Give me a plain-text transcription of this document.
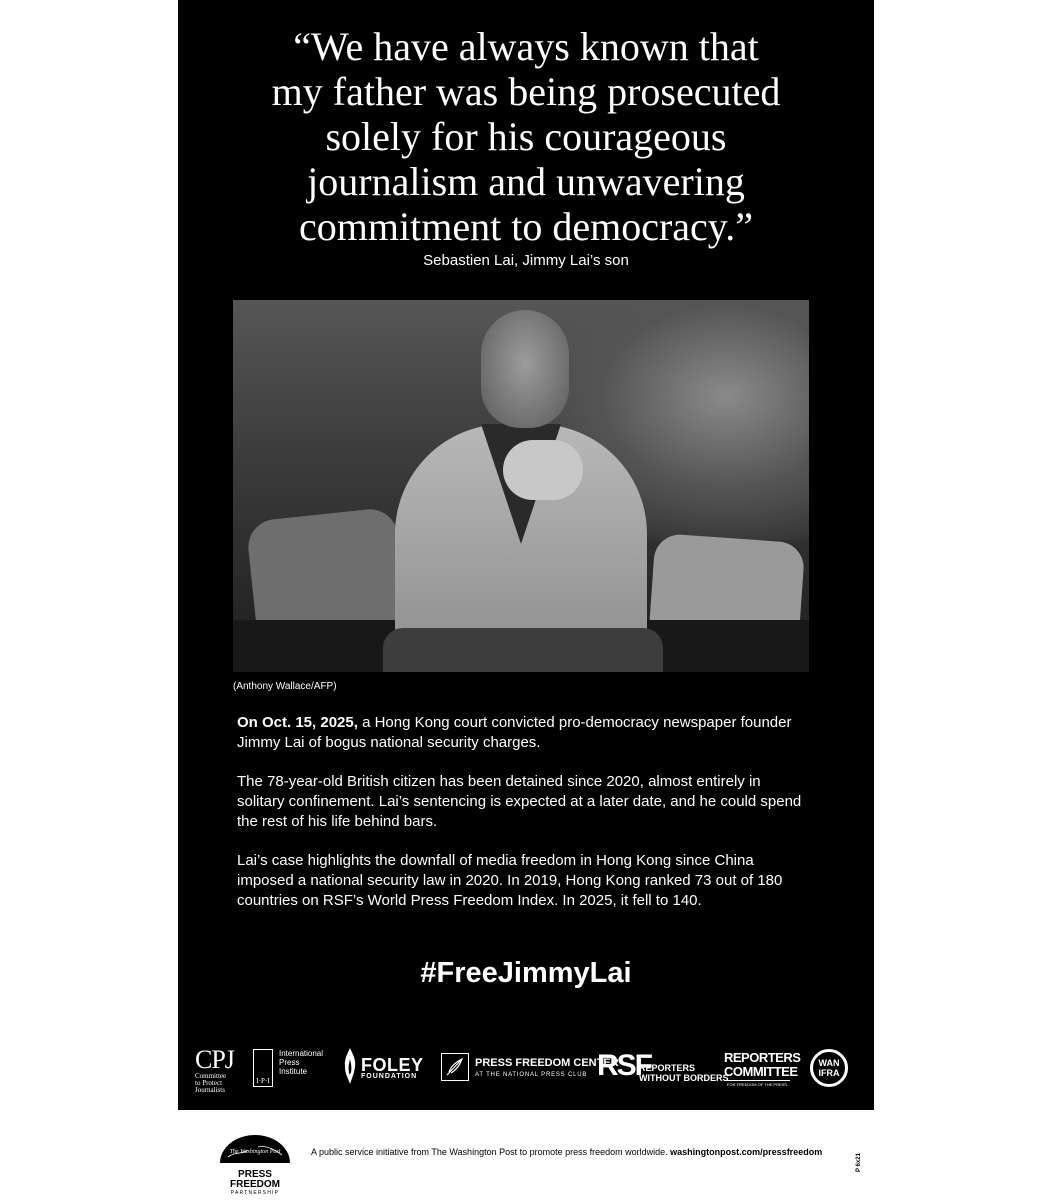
“We have always known that
my father was being prosecuted
solely for his courageous
journalism and unwavering
commitment to democracy.”
Sebastien Lai, Jimmy Lai’s son
(Anthony Wallace/AFP)

On Oct. 15, 2025, a Hong Kong court convicted pro-democracy newspaper founder Jimmy Lai of bogus national security charges.

The 78-year-old British citizen has been detained since 2020, almost entirely in solitary confinement. Lai’s sentencing is expected at a later date, and he could spend the rest of his life behind bars.

Lai’s case highlights the downfall of media freedom in Hong Kong since China imposed a national security law in 2020. In 2019, Hong Kong ranked 73 out of 180 countries on RSF’s World Press Freedom Index. In 2025, it fell to 140.

#FreeJimmyLai
CPJ
Committee
to Protect
Journalists
I·P·I
International
Press
Institute	FOLEY
FOUNDATION
PRESS FREEDOM CENTER
AT THE NATIONAL PRESS CLUB RSF
REPORTERS
WITHOUT BORDERS
REPORTERS
COMMITTEE
FOR FREEDOM OF THE PRESS
WAN
IFRA
The Washington Post
PRESS FREEDOM
PARTNERSHIP
A public service initiative from The Washington Post to promote press freedom worldwide. washingtonpost.com/pressfreedom
P 6x21
